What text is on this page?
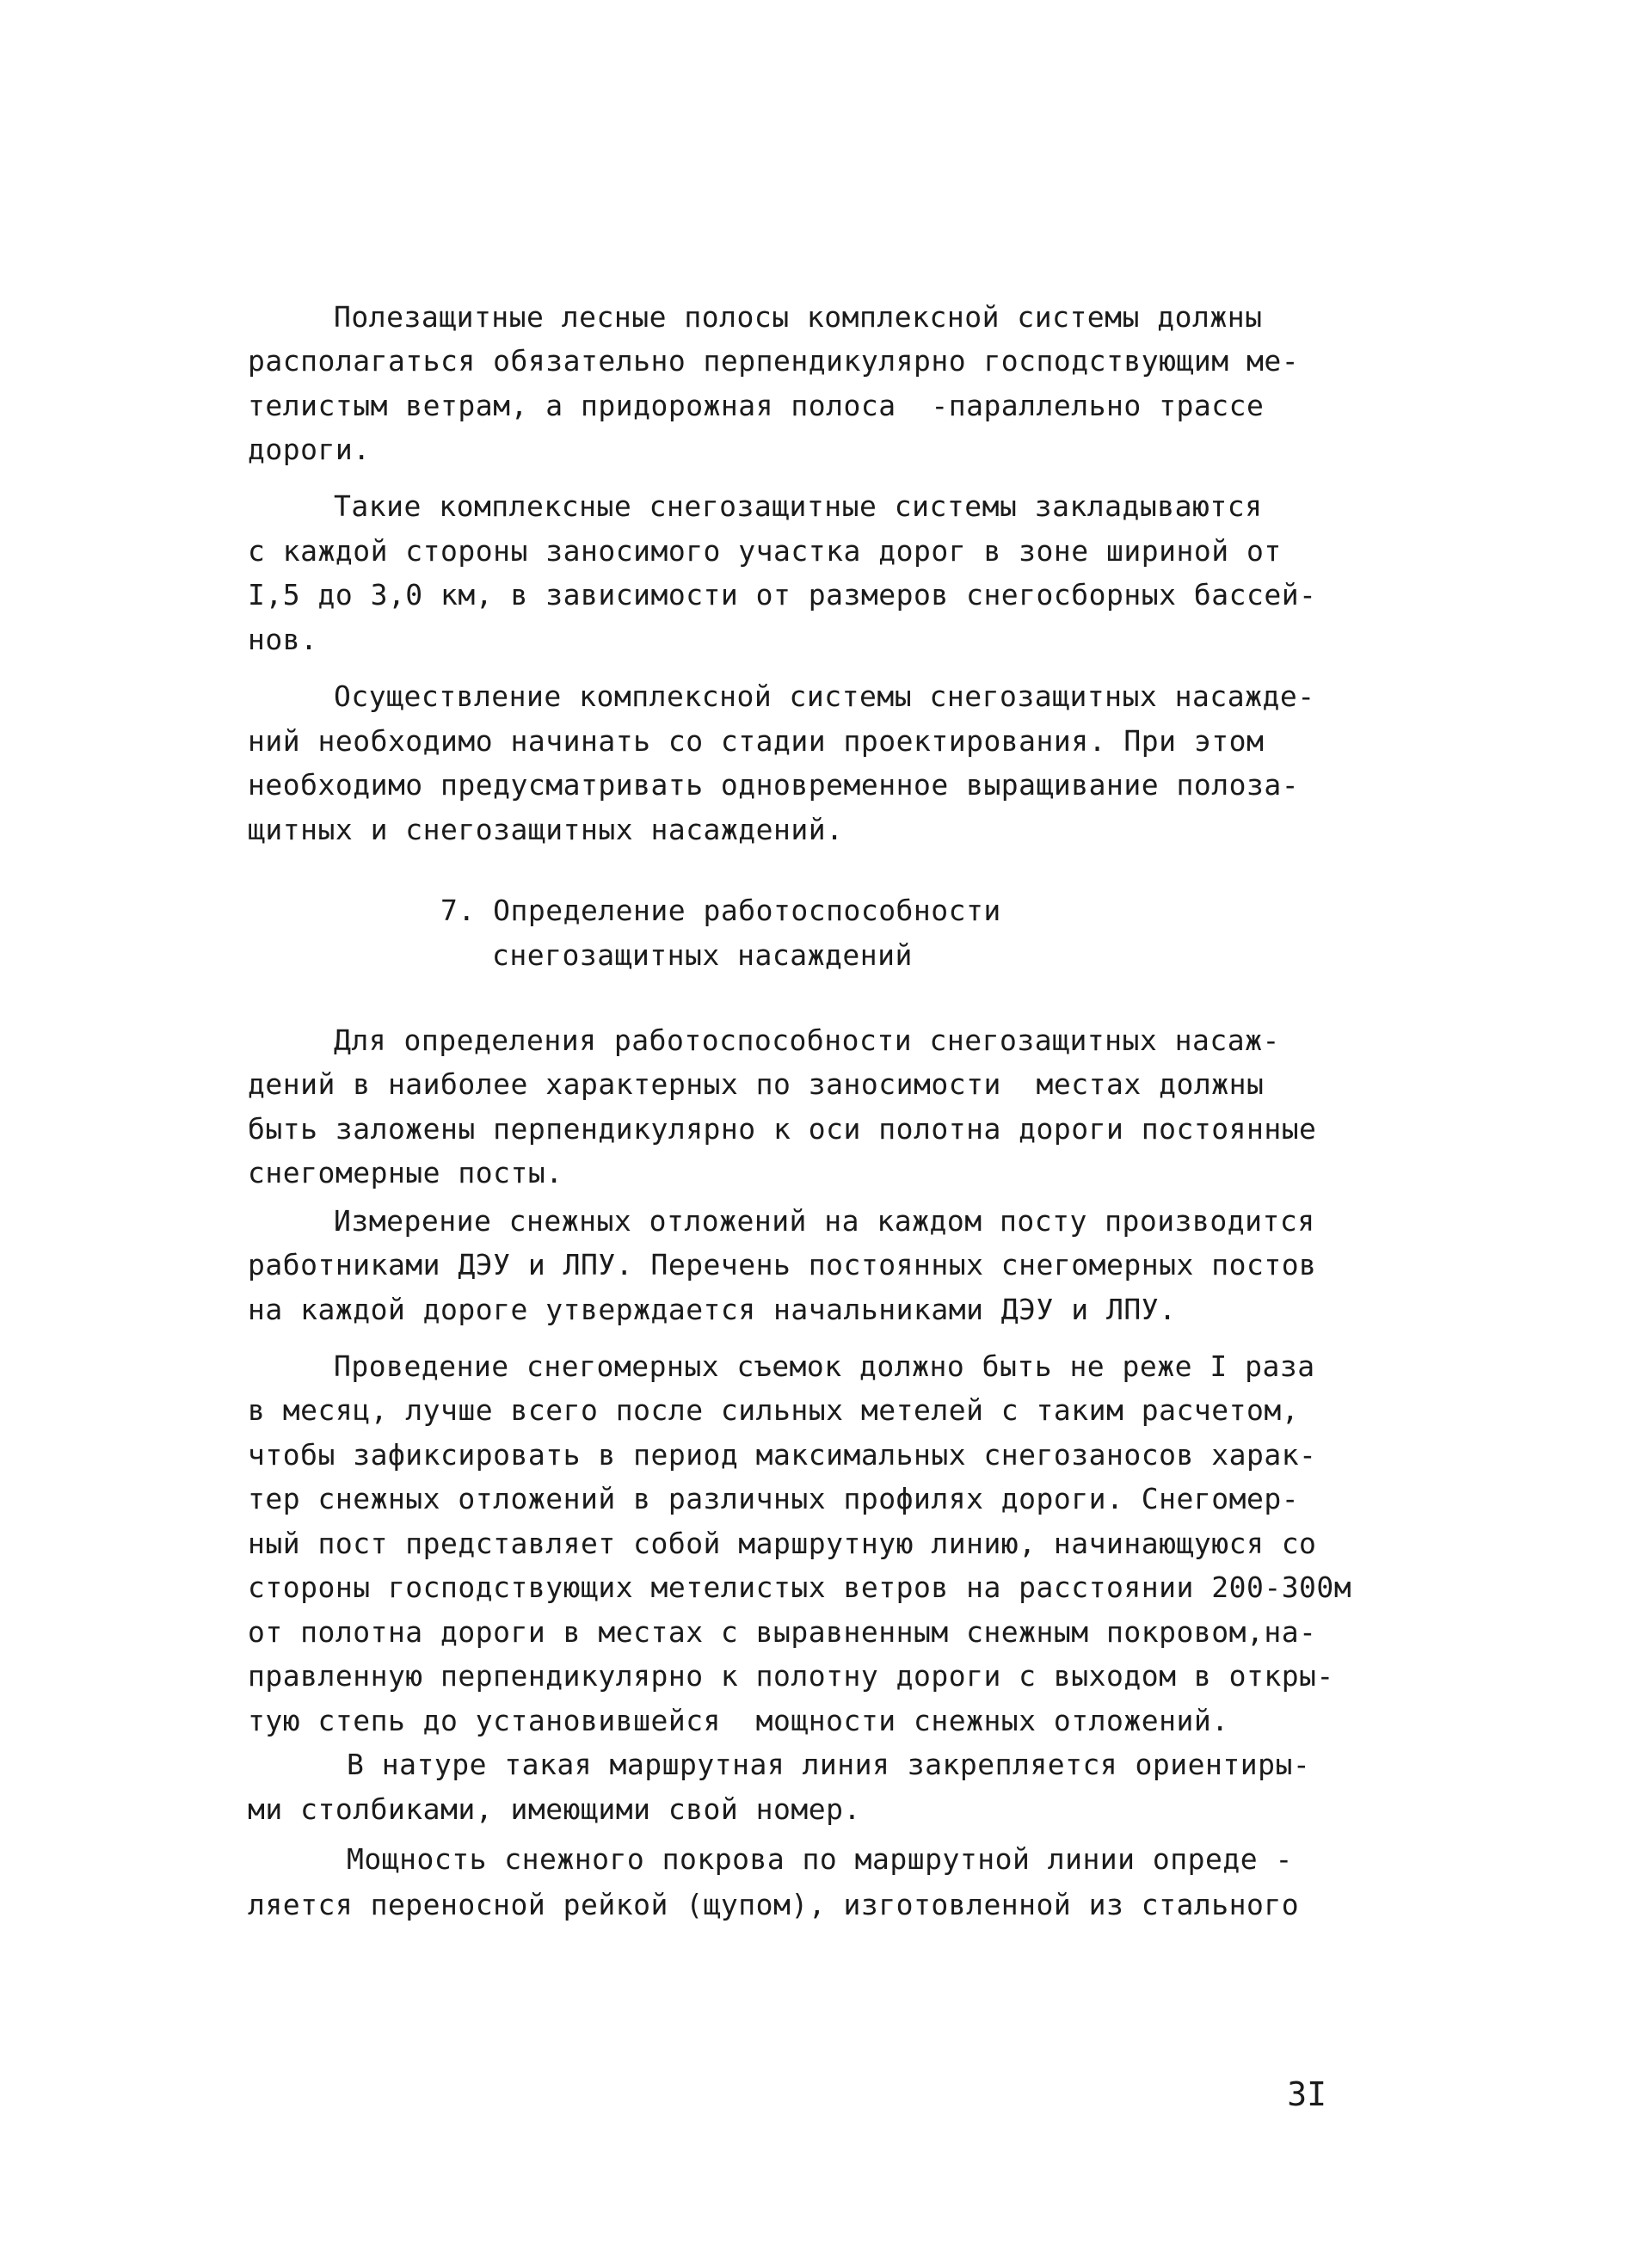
Полезащитные лесные полосы комплексной системы должны
располагаться обязательно перпендикулярно господствующим ме-
телистым ветрам, а придорожная полоса  -параллельно трассе
дороги.
Такие комплексные снегозащитные системы закладываются
с каждой стороны заносимого участка дорог в зоне шириной от
I,5 до 3,0 км, в зависимости от размеров снегосборных бассей-
нов.
Осуществление комплексной системы снегозащитных насажде-
ний необходимо начинать со стадии проектирования. При этом
необходимо предусматривать одновременное выращивание полоза-
щитных и снегозащитных насаждений.
7. Определение работоспособности
снегозащитных насаждений
Для определения работоспособности снегозащитных насаж-
дений в наиболее характерных по заносимости  местах должны
быть заложены перпендикулярно к оси полотна дороги постоянные
снегомерные посты.
Измерение снежных отложений на каждом посту производится
работниками ДЭУ и ЛПУ. Перечень постоянных снегомерных постов
на каждой дороге утверждается начальниками ДЭУ и ЛПУ.
Проведение снегомерных съемок должно быть не реже I раза
в месяц, лучше всего после сильных метелей с таким расчетом,
чтобы зафиксировать в период максимальных снегозаносов харак-
тер снежных отложений в различных профилях дороги. Снегомер-
ный пост представляет собой маршрутную линию, начинающуюся со
стороны господствующих метелистых ветров на расстоянии 200-300м
от полотна дороги в местах с выравненным снежным покровом,на-
правленную перпендикулярно к полотну дороги с выходом в откры-
тую степь до установившейся  мощности снежных отложений.
В натуре такая маршрутная линия закрепляется ориентиры-
ми столбиками, имеющими свой номер.
Мощность снежного покрова по маршрутной линии опреде -
ляется переносной рейкой (щупом), изготовленной из стального
3I
